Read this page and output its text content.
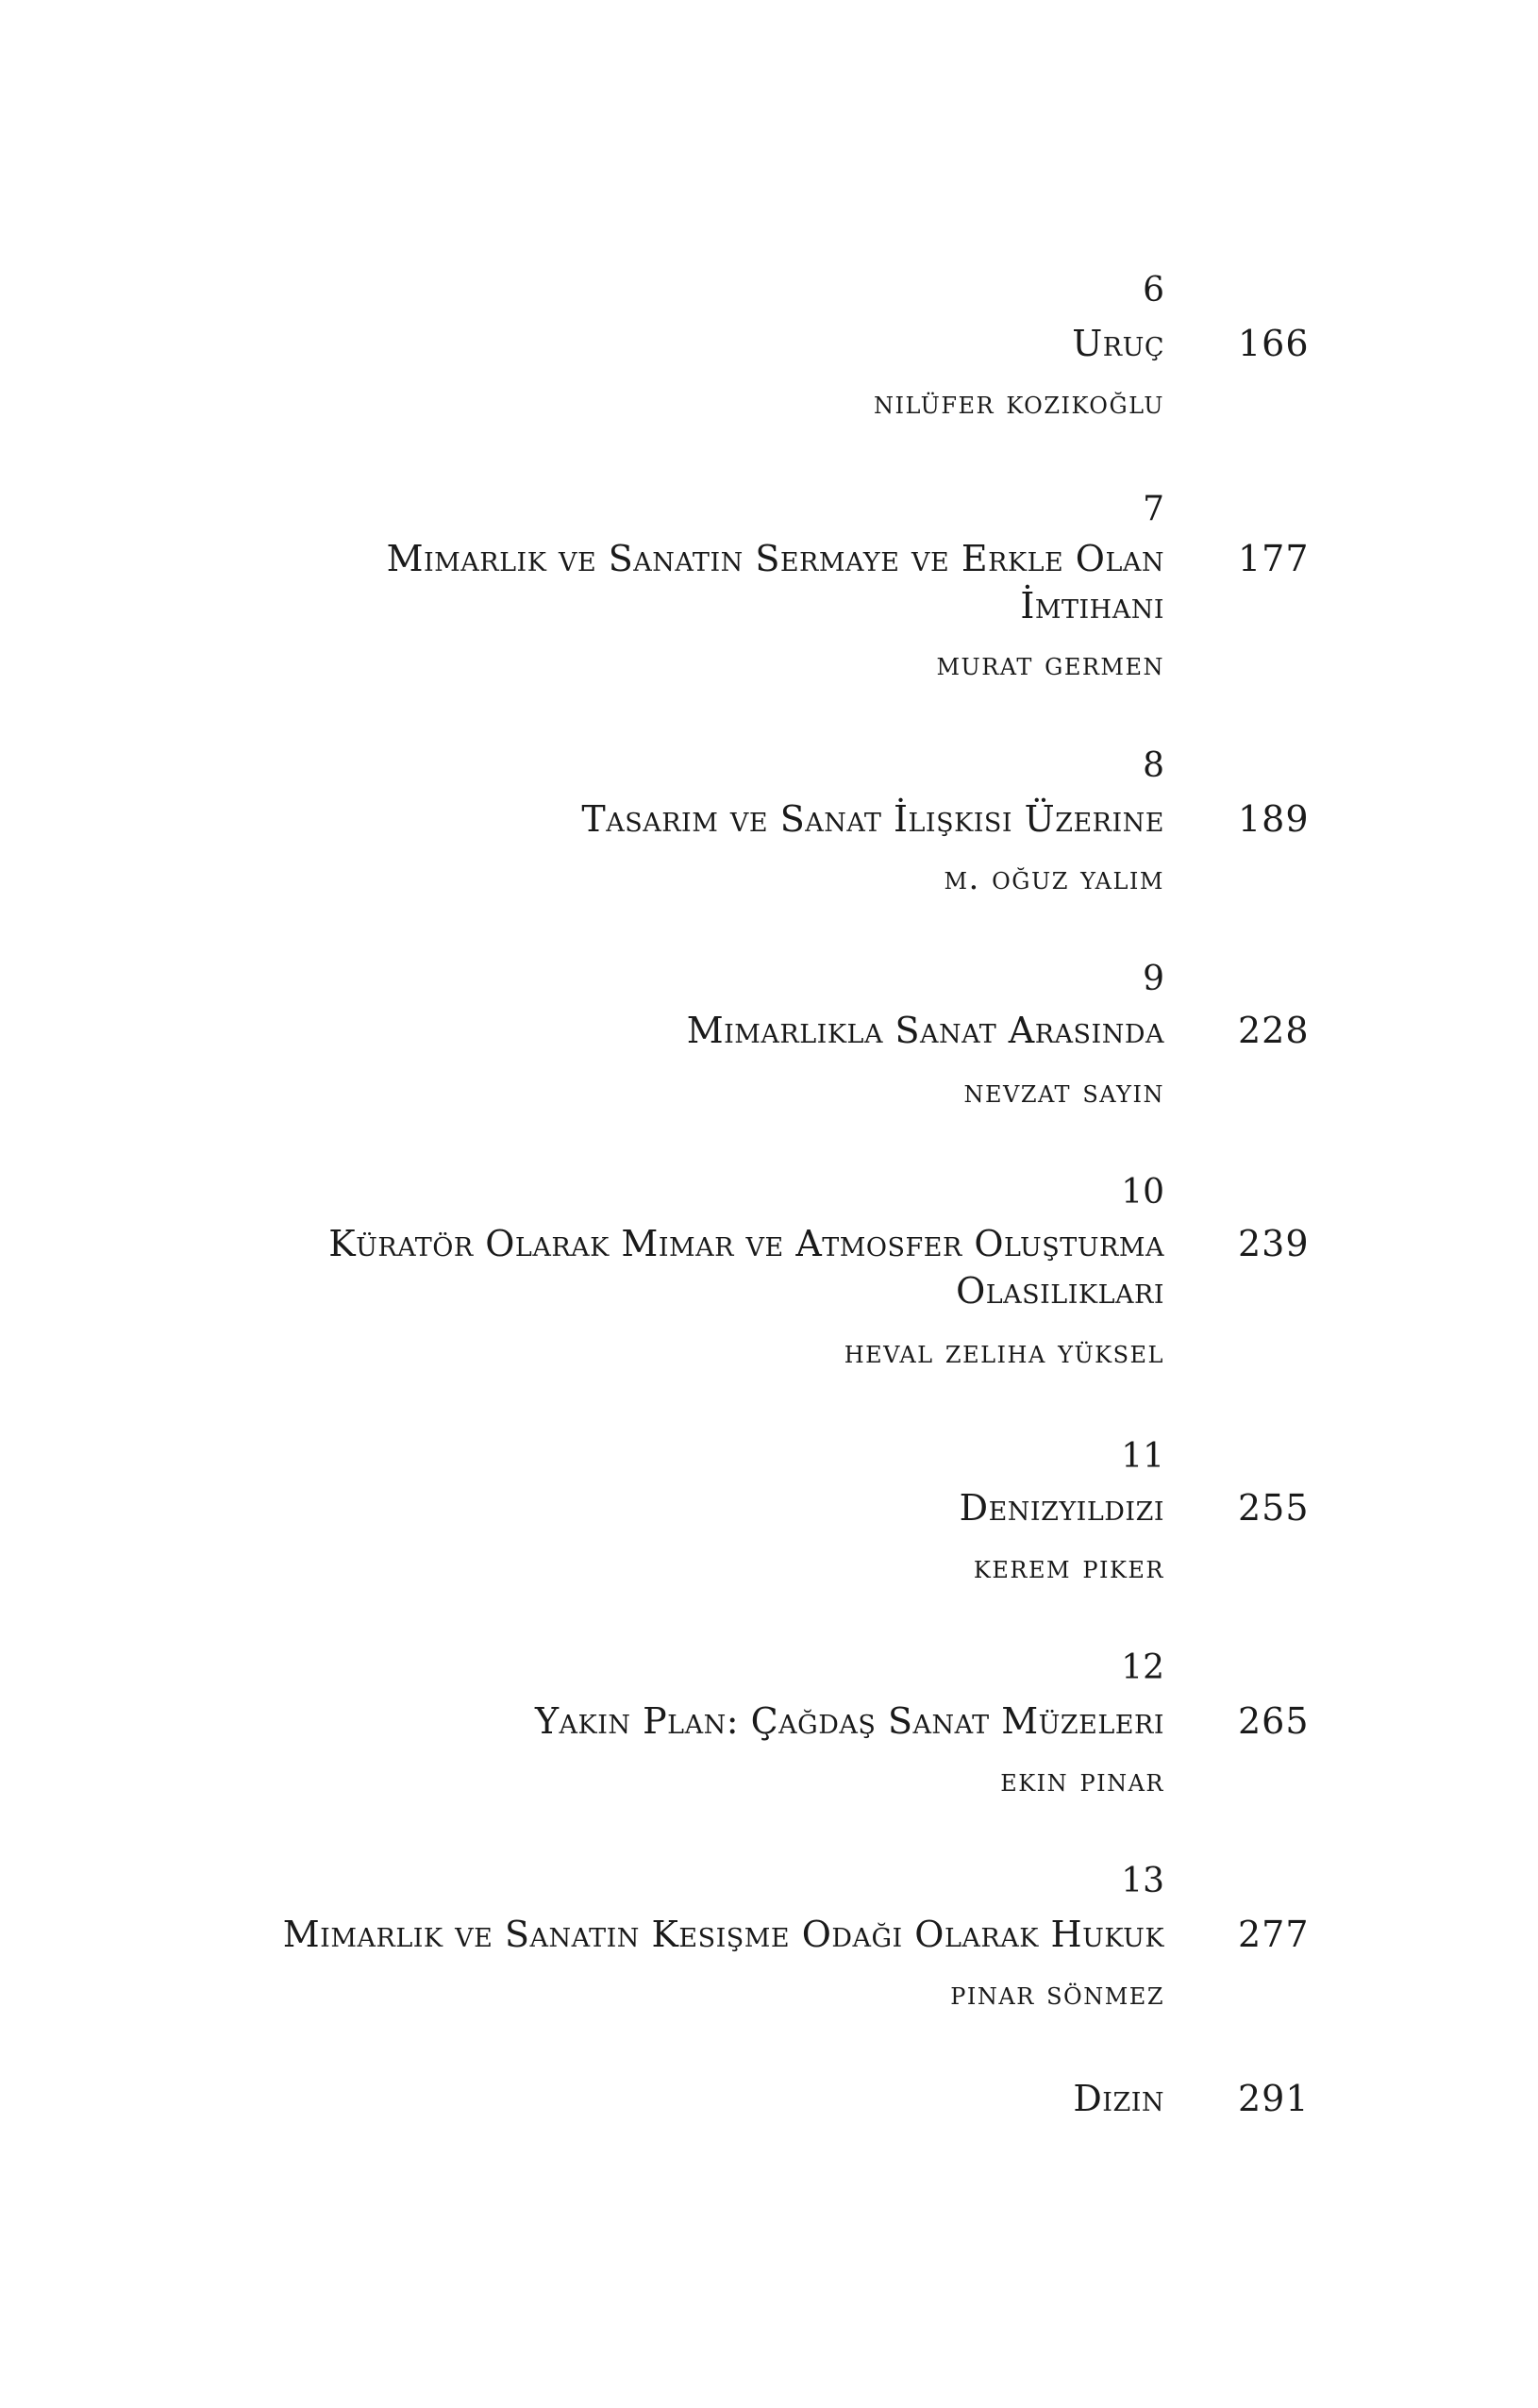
6
Uruç 166
nilüfer kozikoğlu
7
Mimarlık ve Sanatın Sermaye ve Erkle Olan 177
İmtihanı
murat germen
8
Tasarım ve Sanat İlişkisi Üzerine 189
m. oğuz yalım
9
Mimarlıkla Sanat Arasında 228
nevzat sayın
10
Küratör Olarak Mimar ve Atmosfer Oluşturma 239
Olasılıkları
heval zeliha yüksel
11
Denizyıldızı 255
kerem piker
12
Yakın Plan: Çağdaş Sanat Müzeleri 265
ekin pınar
13
Mimarlık ve Sanatın Kesişme Odağı Olarak Hukuk 277
pınar sönmez
Dizin 291
